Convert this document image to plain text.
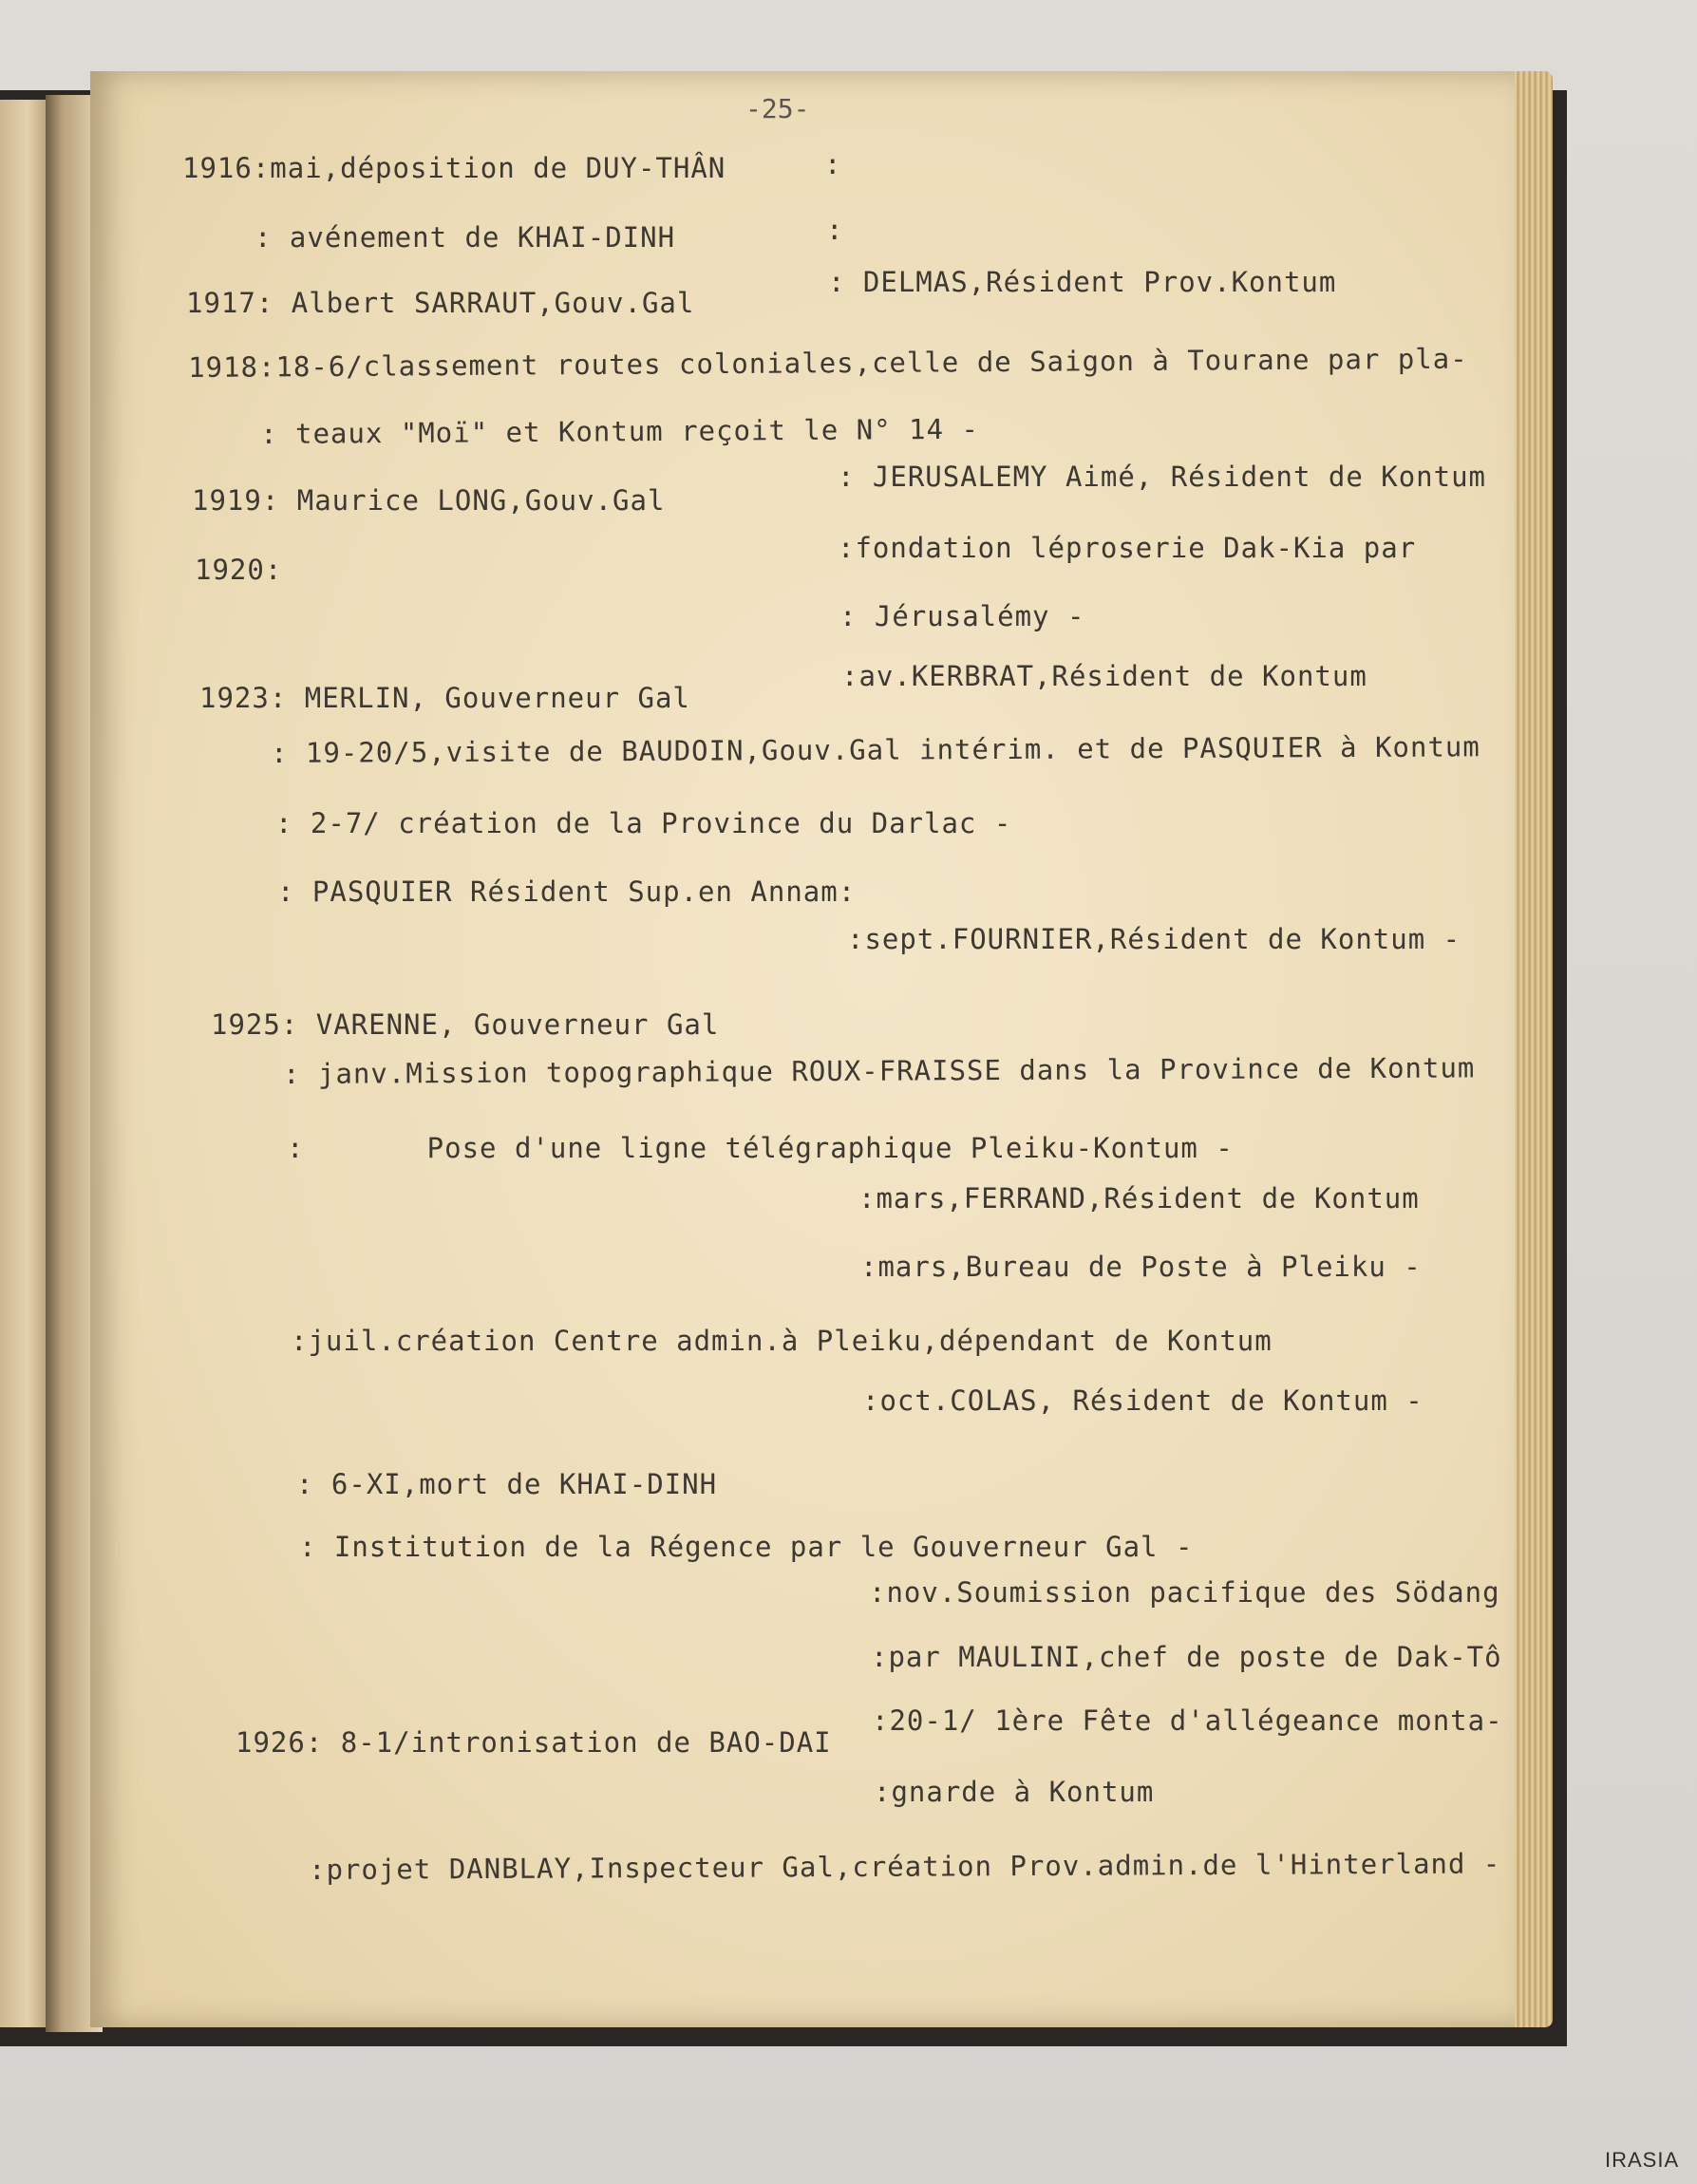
-25-
1916:mai,déposition de DUY-THÂN	:
: avénement de KHAI-DINH	:
1917: Albert SARRAUT,Gouv.Gal
: DELMAS,Résident Prov.Kontum
1918:18-6/classement routes coloniales,celle de Saigon à Tourane par pla-
: teaux "Moï" et Kontum reçoit le N° 14 -
1919: Maurice LONG,Gouv.Gal
: JERUSALEMY Aimé, Résident de Kontum
1920:
:fondation léproserie Dak-Kia par
: Jérusalémy -
1923: MERLIN, Gouverneur Gal
:av.KERBRAT,Résident de Kontum
: 19-20/5,visite de BAUDOIN,Gouv.Gal intérim. et de PASQUIER à Kontum
: 2-7/ création de la Province du Darlac -
: PASQUIER Résident Sup.en Annam:
:sept.FOURNIER,Résident de Kontum -
1925: VARENNE, Gouverneur Gal
: janv.Mission topographique ROUX-FRAISSE dans la Province de Kontum
:       Pose d'une ligne télégraphique Pleiku-Kontum -
:mars,FERRAND,Résident de Kontum
:mars,Bureau de Poste à Pleiku -
:juil.création Centre admin.à Pleiku,dépendant de Kontum
:oct.COLAS, Résident de Kontum -
: 6-XI,mort de KHAI-DINH
: Institution de la Régence par le Gouverneur Gal -
:nov.Soumission pacifique des Södang
:par MAULINI,chef de poste de Dak-Tô
1926: 8-1/intronisation de BAO-DAI
:20-1/ 1ère Fête d'allégeance monta-
:gnarde à Kontum
:projet DANBLAY,Inspecteur Gal,création Prov.admin.de l'Hinterland -
IRASIA
